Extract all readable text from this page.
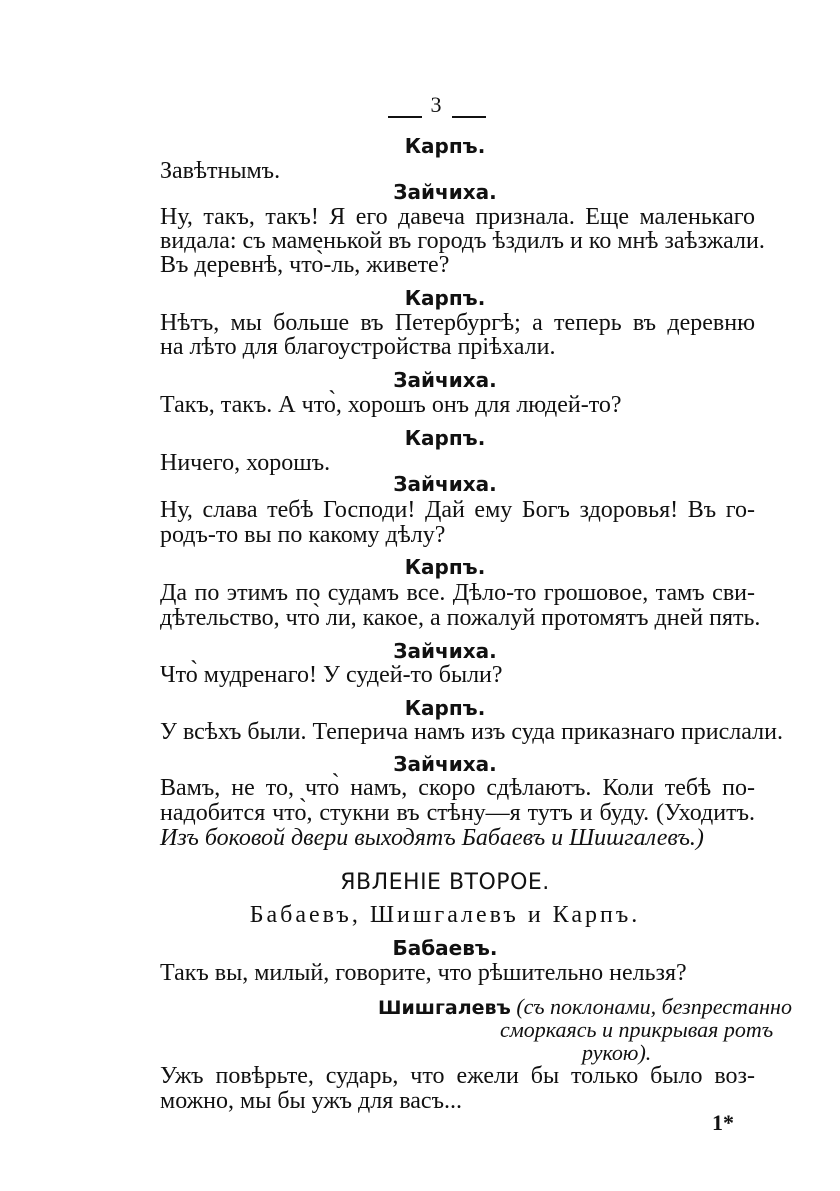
3
Карпъ.
Завѣтнымъ.
Зайчиха.
Ну, такъ, такъ! Я его давеча признала. Еще маленькаго
видала: съ маменькой въ городъ ѣздилъ и ко мнѣ заѣзжали.
Въ деревнѣ, что̀-ль, живете?
Карпъ.
Нѣтъ, мы больше въ Петербургѣ; а теперь въ деревню
на лѣто для благоустройства пріѣхали.
Зайчиха.
Такъ, такъ. А что̀, хорошъ онъ для людей-то?
Карпъ.
Ничего, хорошъ.
Зайчиха.
Ну, слава тебѣ Господи! Дай ему Богъ здоровья! Въ го-
родъ-то вы по какому дѣлу?
Карпъ.
Да по этимъ по судамъ все. Дѣло-то грошовое, тамъ сви-
дѣтельство, что̀ ли, какое, а пожалуй протомятъ дней пять.
Зайчиха.
Что̀ мудренаго! У судей-то были?
Карпъ.
У всѣхъ были. Теперича намъ изъ суда приказнаго прислали.
Зайчиха.
Вамъ, не то, что̀ намъ, скоро сдѣлаютъ. Коли тебѣ по-
надобится что̀, стукни въ стѣну—я тутъ и буду. (Уходитъ.
Изъ боковой двери выходятъ Бабаевъ и Шишгалевъ.)
ЯВЛЕНІЕ ВТОРОЕ.
Бабаевъ, Шишгалевъ и Карпъ.
Бабаевъ.
Такъ вы, милый, говорите, что рѣшительно нельзя?
Шишгалевъ (съ поклонами, безпрестанно
сморкаясь и прикрывая ротъ
рукою).
Ужъ повѣрьте, сударь, что ежели бы только было воз-
можно, мы бы ужъ для васъ...
1*
